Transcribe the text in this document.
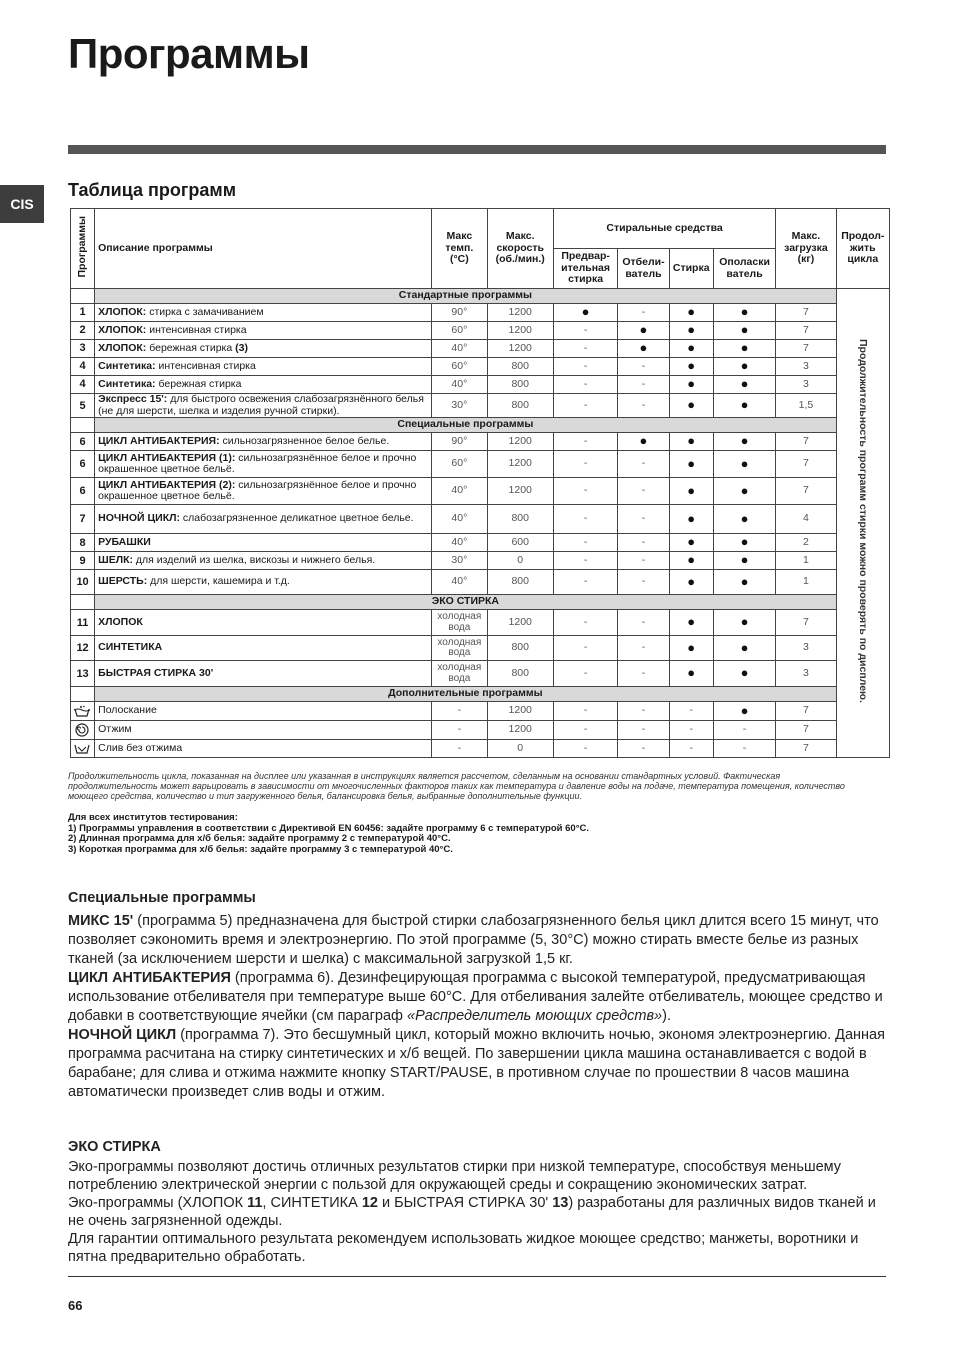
Программы
CIS
Таблица программ
Программы	Описание программы	Макс темп. (°C)	Макс. скорость (об./мин.)	Стиральные средства				Макс. загрузка (кг)	Продол-жить цикла
				Предвар-ительная стирка	Отбели-ватель	Стирка	Ополаски ватель		
	Стандартные программы								Продолжительность программ стирки можно проверять по дисплею.
1	ХЛОПОК: стирка с замачиванием	90°	1200	●	-	●	●	7	
2	ХЛОПОК: интенсивная стирка	60°	1200	-	●	●	●	7	
3	ХЛОПОК: бережная стирка (3)	40°	1200	-	●	●	●	7	
4	Синтетика: интенсивная стирка	60°	800	-	-	●	●	3	
4	Синтетика: бережная стирка	40°	800	-	-	●	●	3	
5	Экспресс 15': для быстрого освежения слабозагрязнённого белья (не для шерсти, шелка и изделия ручной стирки).	30°	800	-	-	●	●	1,5	
	Специальные программы								
6	ЦИКЛ АНТИБАКТЕРИЯ: сильнозагрязненное белое белье.	90°	1200	-	●	●	●	7	
6	ЦИКЛ АНТИБАКТЕРИЯ (1): сильнозагрязнённое белое и прочно окрашенное цветное бельё.	60°	1200	-	-	●	●	7	
6	ЦИКЛ АНТИБАКТЕРИЯ (2): сильнозагрязнённое белое и прочно окрашенное цветное бельё.	40°	1200	-	-	●	●	7	
7	НОЧНОЙ ЦИКЛ: слабозагрязненное деликатное цветное белье.	40°	800	-	-	●	●	4	
8	РУБАШКИ	40°	600	-	-	●	●	2	
9	ШЕЛК: для изделий из шелка, вискозы и нижнего белья.	30°	0	-	-	●	●	1	
10	ШЕРСТЬ: для шерсти, кашемира и т.д.	40°	800	-	-	●	●	1	
	ЭКО СТИРКА								
11	ХЛОПОК	холодная вода	1200	-	-	●	●	7	
12	СИНТЕТИКА	холодная вода	800	-	-	●	●	3	
13	БЫСТРАЯ СТИРКА 30'	холодная вода	800	-	-	●	●	3	
	Дополнительные программы								
	Полоскание	-	1200	-	-	-	●	7	
	Отжим	-	1200	-	-	-	-	7	
	Слив без отжима	-	0	-	-	-	-	7	
Продолжительность цикла, показанная на дисплее или указанная в инструкциях является рассчетом, сделанным на основании стандартных условий. Фактическая продолжительность может варьировать в зависимости от многочисленных факторов таких как температура и давление воды на подаче, температура помещения, количество моющего средства, количество и тип загруженного белья, балансировка белья, выбранные дополнительные функции.
Для всех институтов тестирования:
1) Программы управления в соответствии с Директивой EN 60456: задайте программу 6 с температурой 60°C.
2) Длинная программа для х/б белья: задайте программу 2 с температурой 40°C.
3) Короткая программа для х/б белья: задайте программу 3 с температурой 40°C.
Специальные программы

МИКС 15' (программа 5) предназначена для быстрой стирки слабозагрязненного белья цикл длится всего 15 минут, что позволяет сэкономить время и электроэнергию. По этой программе (5, 30°C) можно стирать вместе белье из разных тканей (за исключением шерсти и шелка) с максимальной загрузкой 1,5 кг.

ЦИКЛ АНТИБАКТЕРИЯ (программа 6). Дезинфецирующая программа с высокой температурой, предусматривающая использование отбеливателя при температуре выше 60°C. Для отбеливания залейте отбеливатель, моющее средство и добавки в соответствующие ячейки (см параграф «Распределитель моющих средств»).

НОЧНОЙ ЦИКЛ (программа 7). Это бесшумный цикл, который можно включить ночью, экономя электроэнергию. Данная программа расчитана на стирку синтетических и х/б вещей. По завершении цикла машина останавливается с водой в барабане; для слива и отжима нажмите кнопку START/PAUSE, в противном случае по прошествии 8 часов машина автоматически произведет слив воды и отжим.

ЭКО СТИРКА

Эко-программы позволяют достичь отличных результатов стирки при низкой температуре, способствуя меньшему потреблению электрической энергии с пользой для окружающей среды и сокращению экономических затрат.

Эко-программы (ХЛОПОК 11, СИНТЕТИКА 12 и БЫСТРАЯ СТИРКА 30' 13) разработаны для различных видов тканей и не очень загрязненной одежды.

Для гарантии оптимального результата рекомендуем использовать жидкое моющее средство; манжеты, воротники и пятна предварительно обработать.

66
